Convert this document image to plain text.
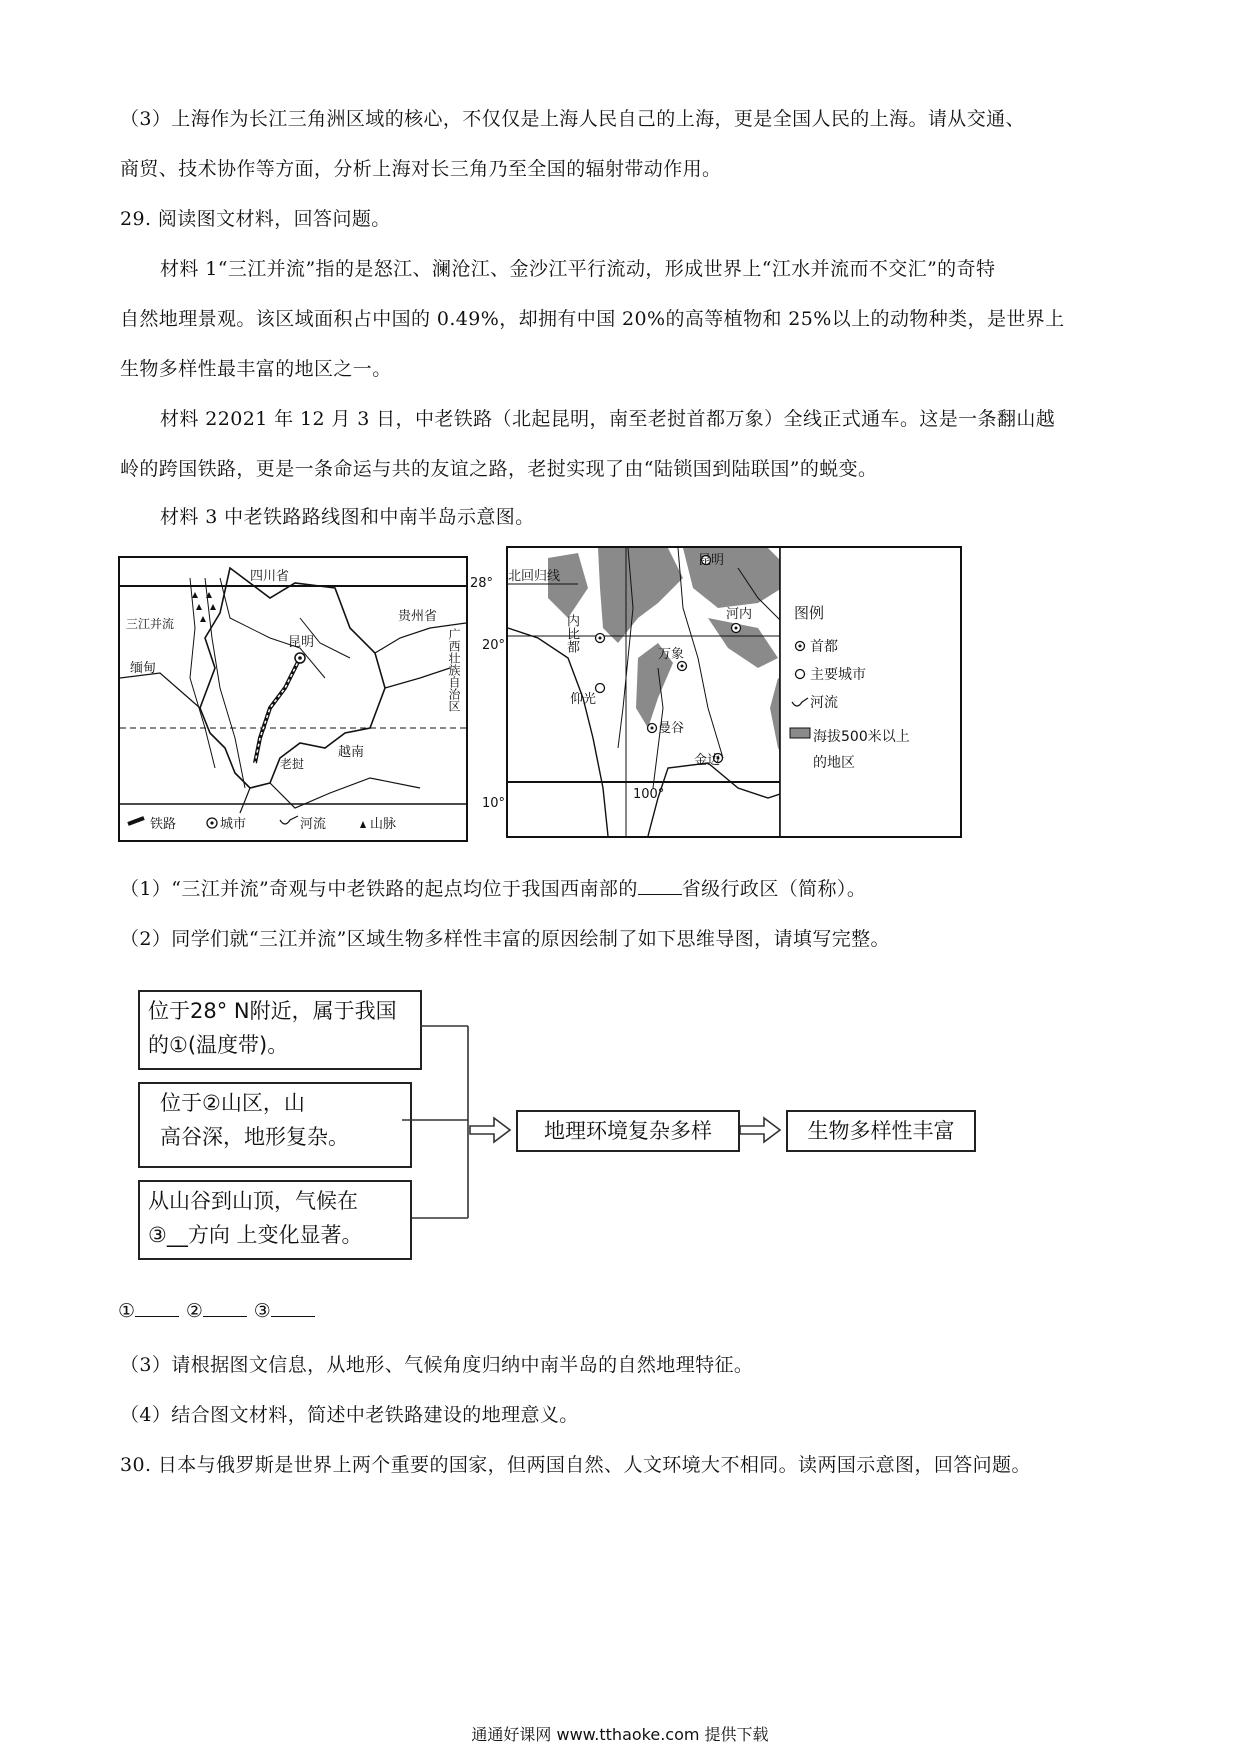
（3）上海作为长江三角洲区域的核心，不仅仅是上海人民自己的上海，更是全国人民的上海。请从交通、
商贸、技术协作等方面，分析上海对长三角乃至全国的辐射带动作用。
29. 阅读图文材料，回答问题。
材料 1“三江并流”指的是怒江、澜沧江、金沙江平行流动，形成世界上“江水并流而不交汇”的奇特
自然地理景观。该区域面积占中国的 0.49%，却拥有中国 20%的高等植物和 25%以上的动物种类，是世界上
生物多样性最丰富的地区之一。
材料 22021 年 12 月 3 日，中老铁路（北起昆明，南至老挝首都万象）全线正式通车。这是一条翻山越
岭的跨国铁路，更是一条命运与共的友谊之路，老挝实现了由“陆锁国到陆联国”的蜕变。
材料 3 中老铁路路线图和中南半岛示意图。
四川省
三江并流	贵州省
缅甸
昆明
越南
老挝
广西壮族自治区
铁路	城市	河流	山脉
28°
20°
10°
昆明
北回归线
河内
万象
仰光
曼谷
金边
100°
内比都
图例
首都
主要城市
河流
海拔500米以上的地区
（1）“三江并流”奇观与中老铁路的起点均位于我国西南部的 省级行政区（简称）。
（2）同学们就“三江并流”区域生物多样性丰富的原因绘制了如下思维导图，请填写完整。
位于28° N附近，属于我国
的①(温度带)。
位于②山区，山
高谷深，地形复杂。
从山谷到山顶，气候在
③__方向 上变化显著。
地理环境复杂多样	生物多样性丰富
①	②	③
（3）请根据图文信息，从地形、气候角度归纳中南半岛的自然地理特征。
（4）结合图文材料，简述中老铁路建设的地理意义。
30. 日本与俄罗斯是世界上两个重要的国家，但两国自然、人文环境大不相同。读两国示意图，回答问题。
通通好课网 www.tthaoke.com 提供下载
